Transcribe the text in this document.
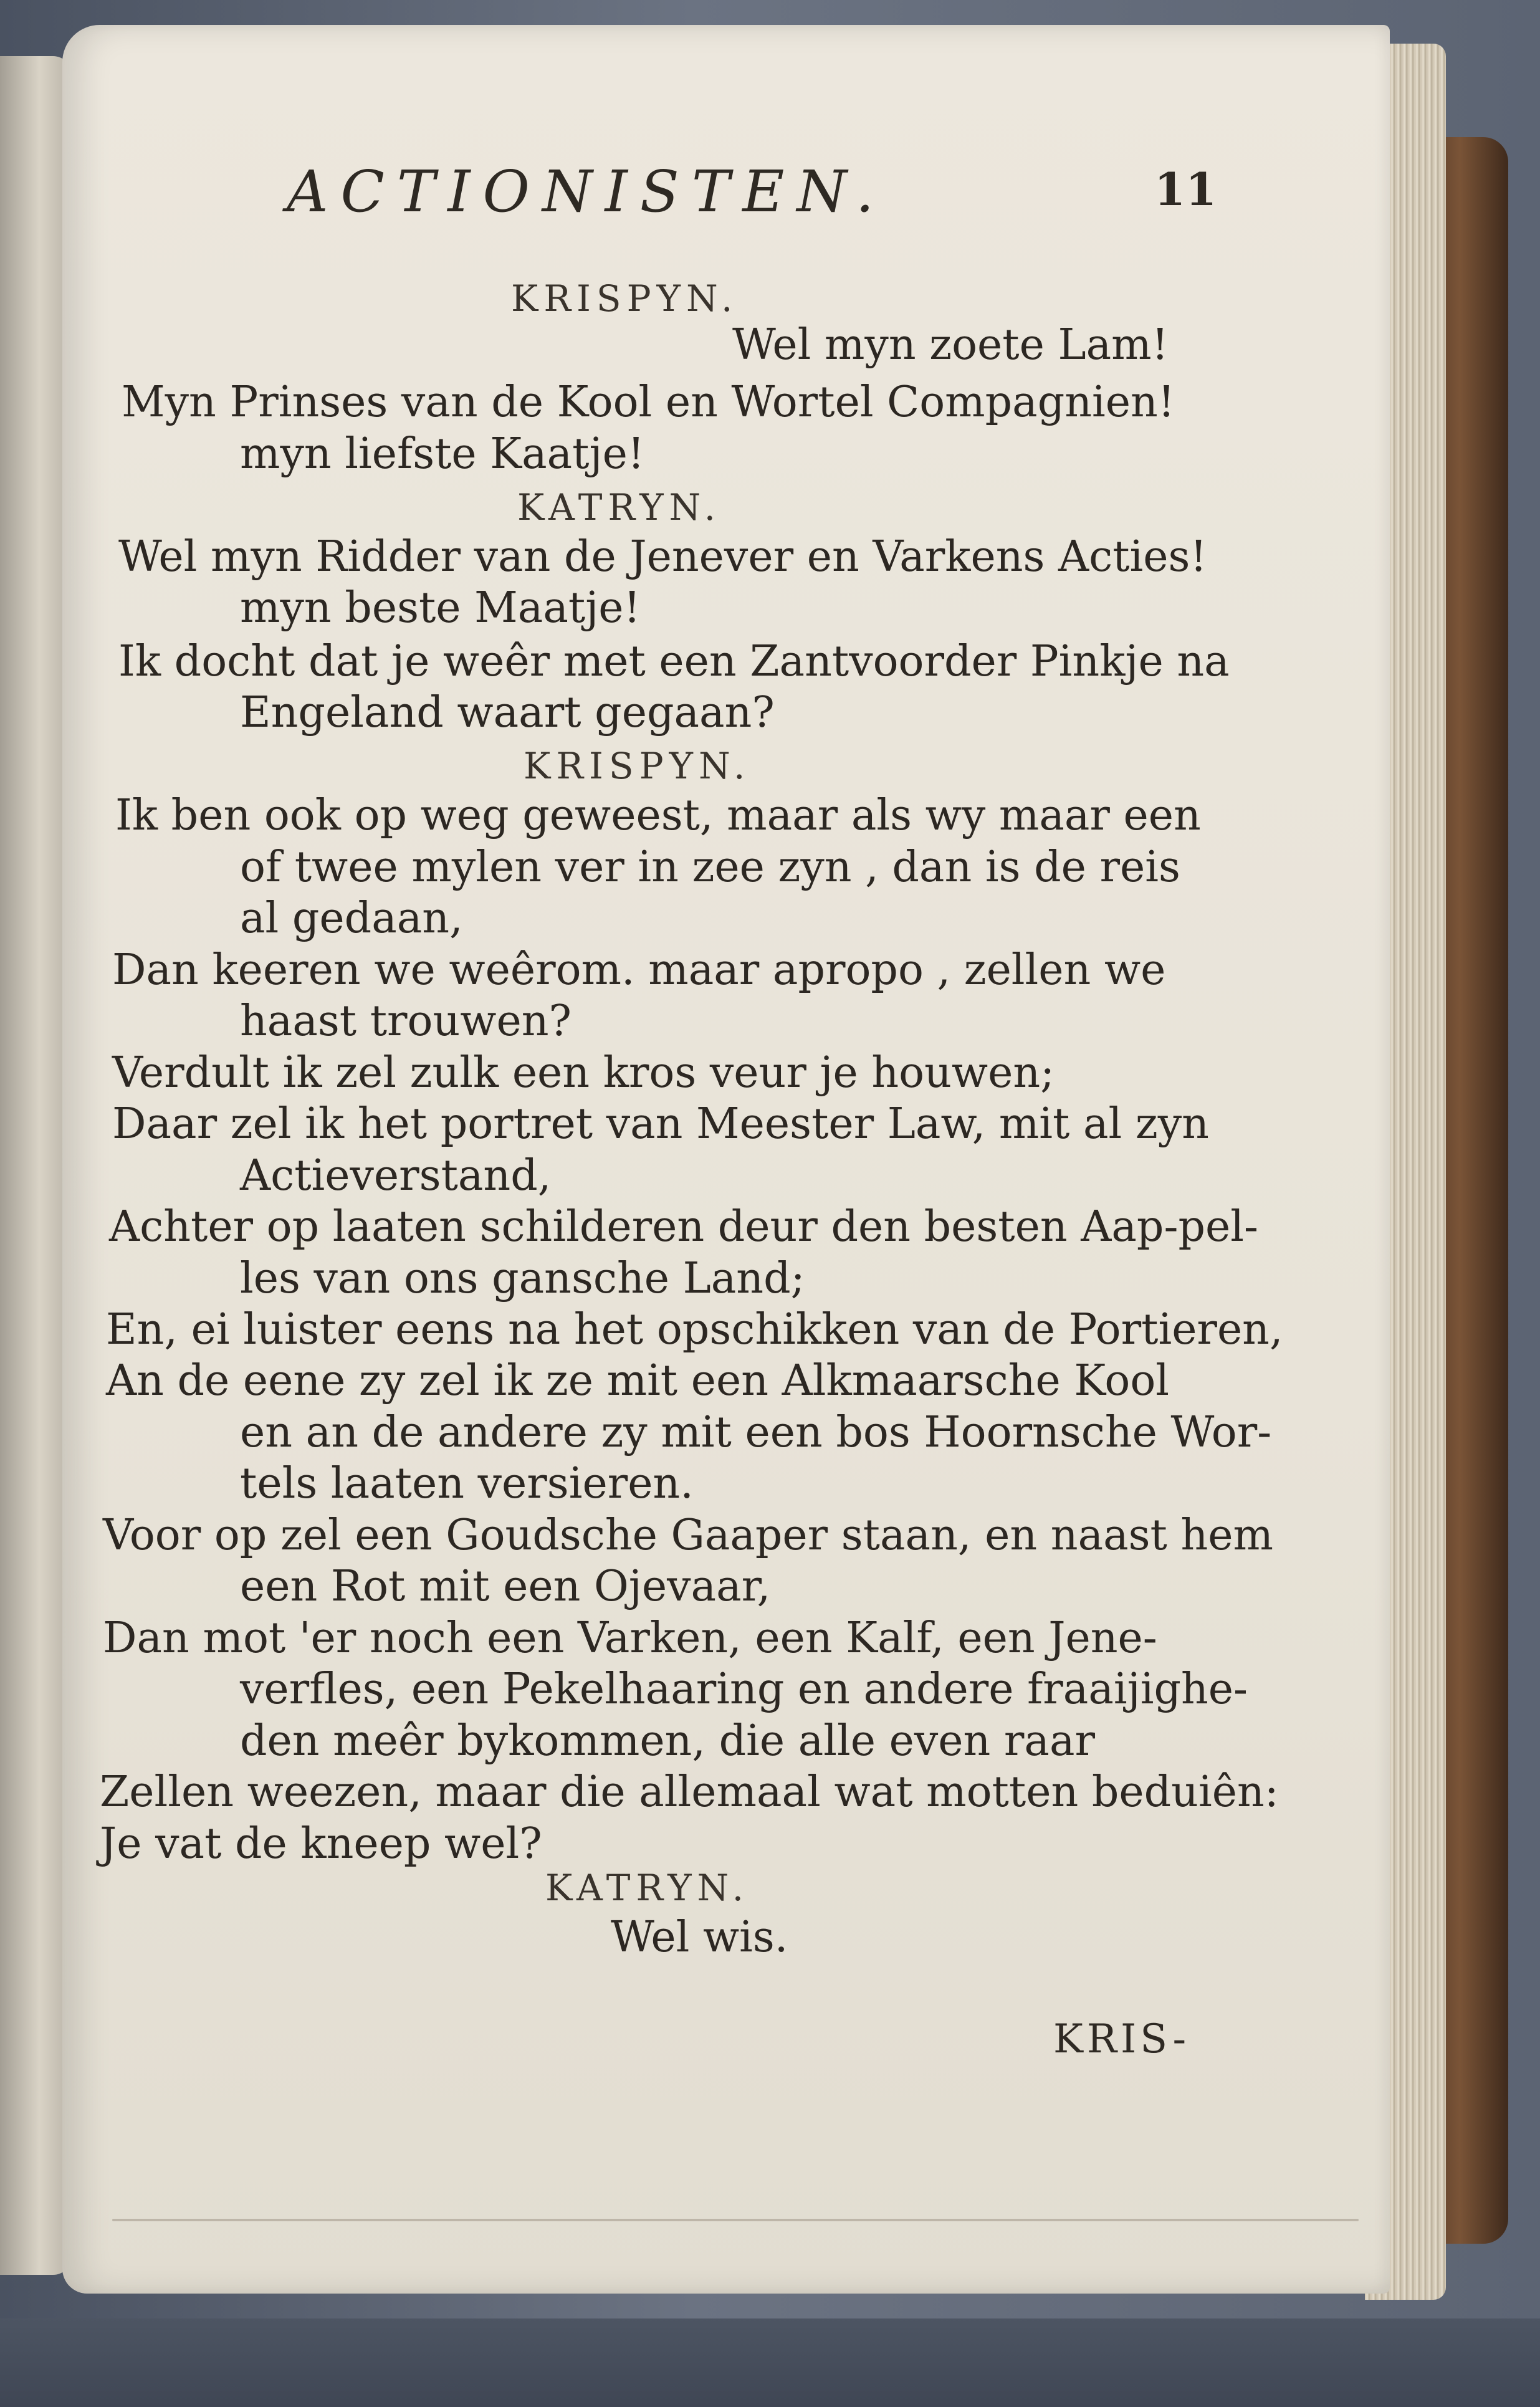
ACTIONISTEN.	11
KRISPYN.
Wel myn zoete Lam!
Myn Prinses van de Kool en Wortel Compagnien!
myn liefste Kaatje!
KATRYN.
Wel myn Ridder van de Jenever en Varkens Acties!
myn beste Maatje!
Ik docht dat je weêr met een Zantvoorder Pinkje na
Engeland waart gegaan?
KRISPYN.
Ik ben ook op weg geweest, maar als wy maar een
of twee mylen ver in zee zyn , dan is de reis
al gedaan,
Dan keeren we weêrom. maar apropo , zellen we
haast trouwen?
Verdult ik zel zulk een kros veur je houwen;
Daar zel ik het portret van Meester Law, mit al zyn
Actieverstand,
Achter op laaten schilderen deur den besten Aap-pel-
les van ons gansche Land;
En, ei luister eens na het opschikken van de Portieren,
An de eene zy zel ik ze mit een Alkmaarsche Kool
en an de andere zy mit een bos Hoornsche Wor-
tels laaten versieren.
Voor op zel een Goudsche Gaaper staan, en naast hem
een Rot mit een Ojevaar,
Dan mot 'er noch een Varken, een Kalf, een Jene-
verfles, een Pekelhaaring en andere fraaijighe-
den meêr bykommen, die alle even raar
Zellen weezen, maar die allemaal wat motten beduiên:
Je vat de kneep wel?
KATRYN.
Wel wis.
KRIS-
